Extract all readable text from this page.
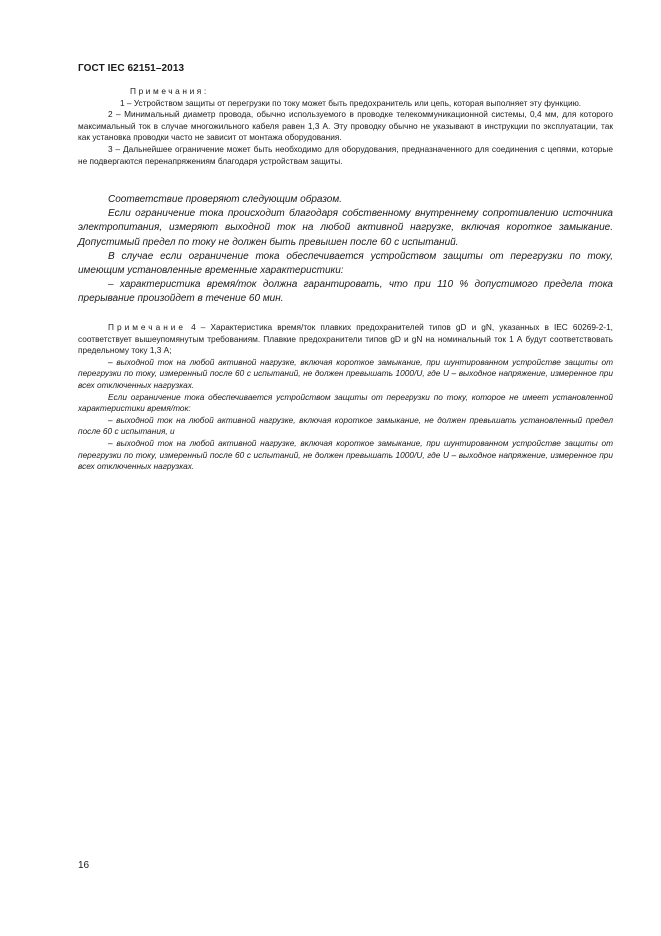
ГОСТ IEC 62151–2013

Примечания:

1 – Устройством защиты от перегрузки по току может быть предохранитель или цепь, которая выполняет эту функцию.

2 – Минимальный диаметр провода, обычно используемого в проводке телекоммуникационной системы, 0,4 мм, для которого максимальный ток в случае многожильного кабеля равен 1,3 А. Эту проводку обычно не указывают в инструкции по эксплуатации, так как установка проводки часто не зависит от монтажа оборудования.

3 – Дальнейшее ограничение может быть необходимо для оборудования, предназначенного для соединения с цепями, которые не подвергаются перенапряжениям благодаря устройствам защиты.

Соответствие проверяют следующим образом.

Если ограничение тока происходит благодаря собственному внутреннему сопротивлению источника электропитания, измеряют выходной ток на любой активной нагрузке, включая короткое замыкание. Допустимый предел по току не должен быть превышен после 60 с испытаний.

В случае если ограничение тока обеспечивается устройством защиты от перегрузки по току, имеющим установленные временные характеристики:

– характеристика время/ток должна гарантировать, что при 110 % допустимого предела тока прерывание произойдет в течение 60 мин.

Примечание 4 – Характеристика время/ток плавких предохранителей типов gD и gN, указанных в IEC 60269-2-1, соответствует вышеупомянутым требованиям. Плавкие предохранители типов gD и gN на номинальный ток 1 А будут соответствовать предельному току 1,3 А;

– выходной ток на любой активной нагрузке, включая короткое замыкание, при шунтированном устройстве защиты от перегрузки по току, измеренный после 60 с испытаний, не должен превышать 1000/U, где U – выходное напряжение, измеренное при всех отключенных нагрузках.

Если ограничение тока обеспечивается устройством защиты от перегрузки по току, которое не имеет установленной характеристики время/ток:

– выходной ток на любой активной нагрузке, включая короткое замыкание, не должен превышать установленный предел после 60 с испытания, и

– выходной ток на любой активной нагрузке, включая короткое замыкание, при шунтированном устройстве защиты от перегрузки по току, измеренный после 60 с испытаний, не должен превышать 1000/U, где U – выходное напряжение, измеренное при всех отключенных нагрузках.

16
